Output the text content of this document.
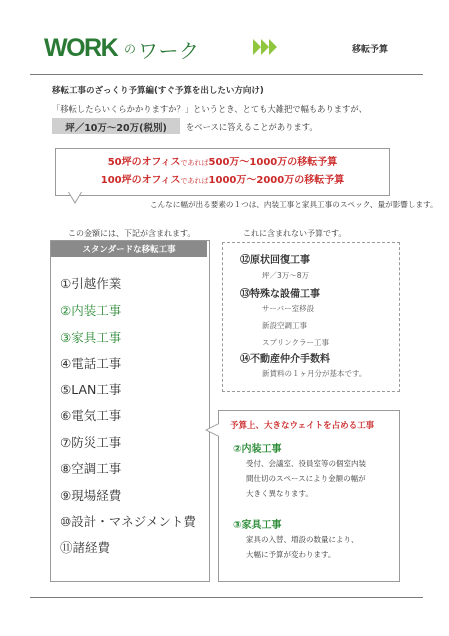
WORK の ワーク	移転予算
移転工事のざっくり予算編(すぐ予算を出したい方向け)
「移転したらいくらかかりますか？」というとき、とても大雑把で幅もありますが、
坪／10万〜20万(税別)	をベースに答えることがあります。
50坪のオフィスであれば500万〜1000万の移転予算
100坪のオフィスであれば1000万〜2000万の移転予算
こんなに幅が出る要素の１つは、内装工事と家具工事のスペック、量が影響します。
この金額には、下記が含まれます。	これに含まれない予算です。
スタンダードな移転工事
①引越作業
②内装工事
③家具工事
④電話工事
⑤LAN工事
⑥電気工事
⑦防災工事
⑧空調工事
⑨現場経費
⑩設計・マネジメント費
⑪諸経費
⑫原状回復工事
坪／3万〜8万
⑬特殊な設備工事
サーバー室移設
新設空調工事
スプリンクラー工事
⑭不動産仲介手数料
新賃料の１ヶ月分が基本です。
予算上、大きなウェイトを占める工事
②内装工事
受付、会議室、役員室等の個室内装
間仕切のスペースにより金額の幅が
大きく異なります。
③家具工事
家具の入替、増設の数量により、
大幅に予算が変わります。
